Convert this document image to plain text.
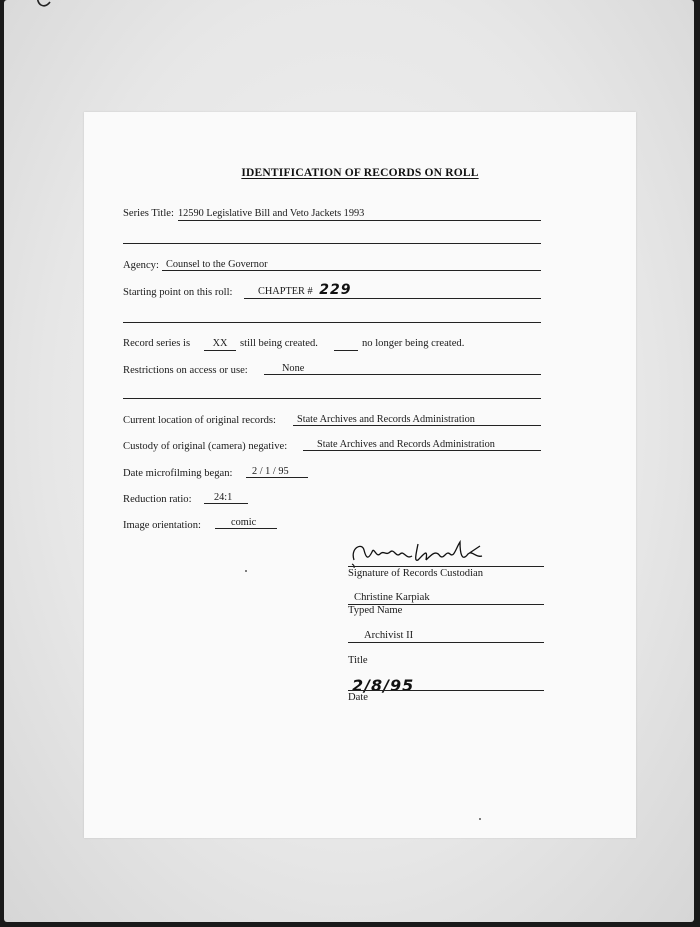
IDENTIFICATION OF RECORDS ON ROLL
Series Title: 12590 Legislative Bill and Veto Jackets 1993
Agency: Counsel to the Governor
Starting point on this roll:	CHAPTER # 229
Record series is	XX	still being created.	no longer being created.
Restrictions on access or use:	None
Current location of original records:	State Archives and Records Administration
Custody of original (camera) negative:	State Archives and Records Administration
Date microfilming began:	2 / 1 / 95
Reduction ratio:	24:1
Image orientation:	comic
Signature of Records Custodian
Christine Karpiak
Typed Name
Archivist II
Title
2/8/95
Date
